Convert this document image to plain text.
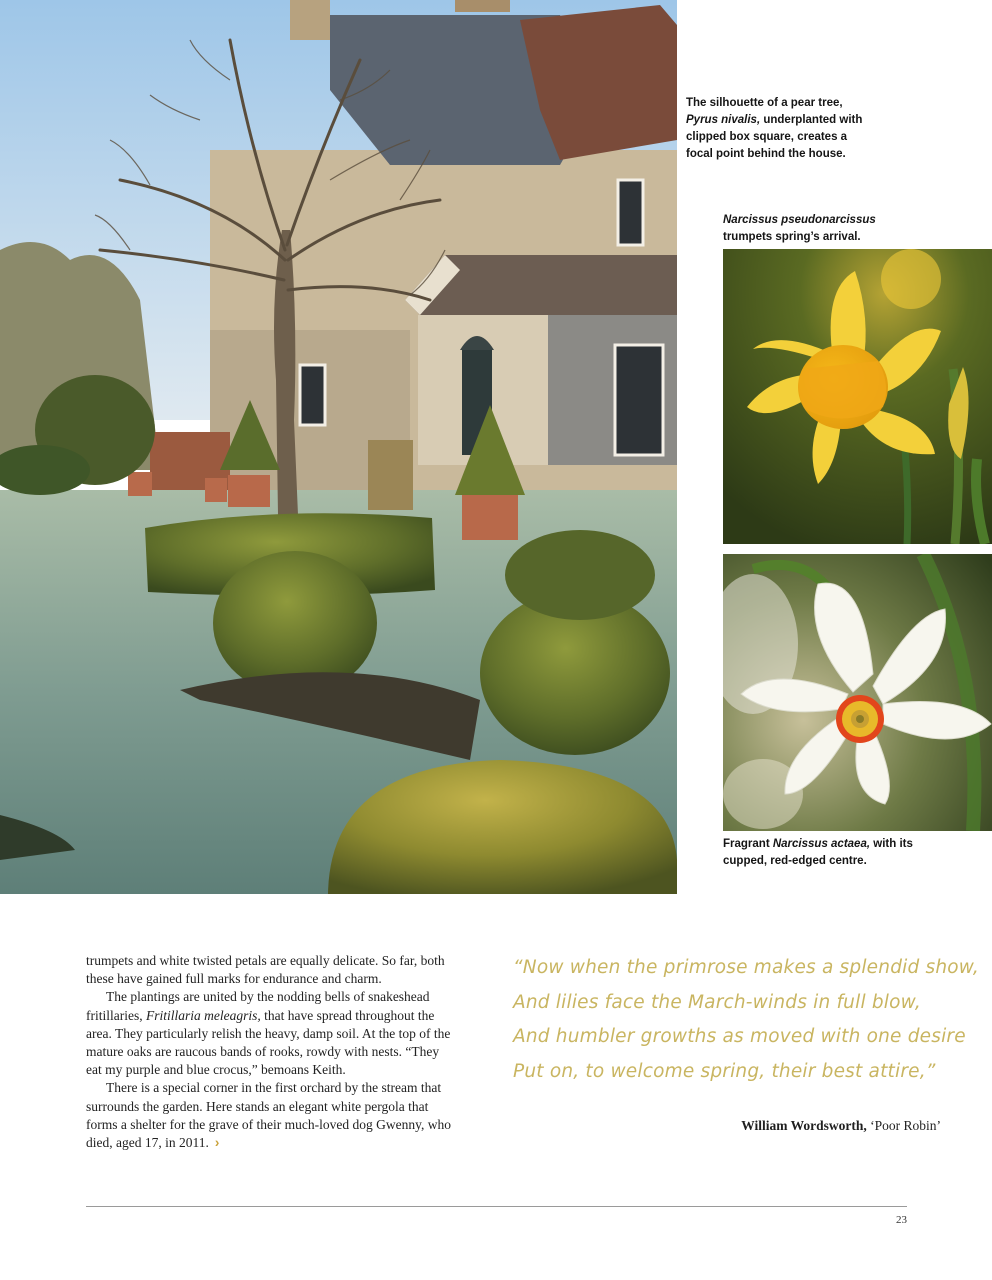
The silhouette of a pear tree, Pyrus nivalis, underplanted with clipped box square, creates a focal point behind the house.
Narcissus pseudonarcissus
trumpets spring’s arrival.
Fragrant Narcissus actaea, with its cupped, red-edged centre.

trumpets and white twisted petals are equally delicate. So far, both these have gained full marks for endurance and charm.

The plantings are united by the nodding bells of snakeshead fritillaries, Fritillaria meleagris, that have spread throughout the area. They particularly relish the heavy, damp soil. At the top of the mature oaks are raucous bands of rooks, rowdy with nests. “They eat my purple and blue crocus,” bemoans Keith.

There is a special corner in the first orchard by the stream that surrounds the garden. Here stands an elegant white pergola that forms a shelter for the grave of their much-loved dog Gwenny, who died, aged 17, in 2011. ›

“Now when the primrose makes a splendid show,
And lilies face the March-winds in full blow,
And humbler growths as moved with one desire
Put on, to welcome spring, their best attire,”
William Wordsworth, ‘Poor Robin’
23
